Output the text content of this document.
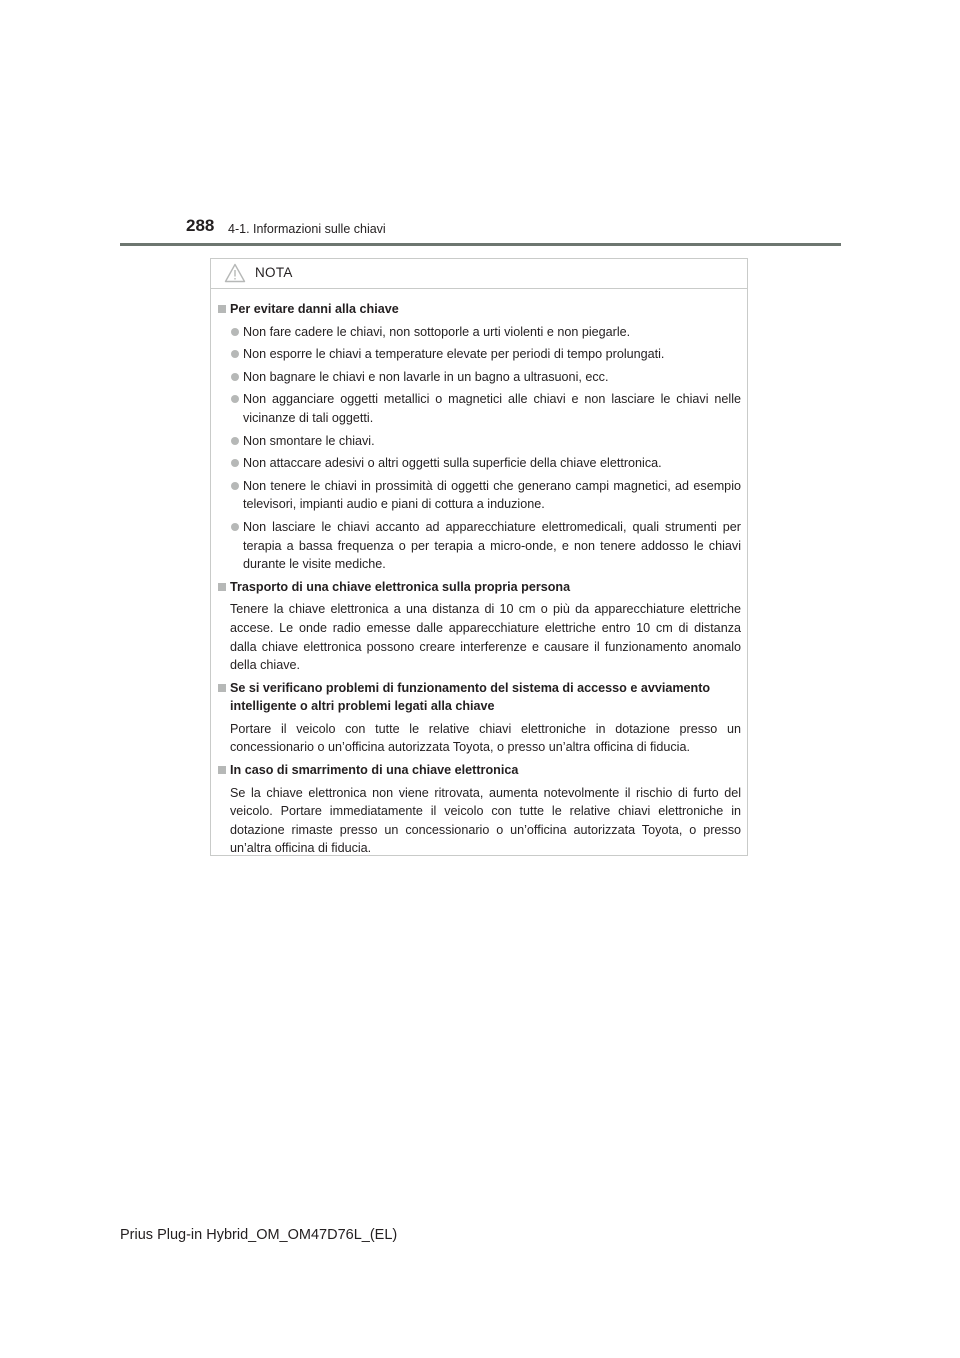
288 4-1. Informazioni sulle chiavi
NOTA
Per evitare danni alla chiave
Non fare cadere le chiavi, non sottoporle a urti violenti e non piegarle.
Non esporre le chiavi a temperature elevate per periodi di tempo prolungati.
Non bagnare le chiavi e non lavarle in un bagno a ultrasuoni, ecc.
Non agganciare oggetti metallici o magnetici alle chiavi e non lasciare le chiavi nelle vicinanze di tali oggetti.
Non smontare le chiavi.
Non attaccare adesivi o altri oggetti sulla superficie della chiave elettronica.
Non tenere le chiavi in prossimità di oggetti che generano campi magnetici, ad esempio televisori, impianti audio e piani di cottura a induzione.
Non lasciare le chiavi accanto ad apparecchiature elettromedicali, quali strumenti per terapia a bassa frequenza o per terapia a micro-onde, e non tenere addosso le chiavi durante le visite mediche.
Trasporto di una chiave elettronica sulla propria persona
Tenere la chiave elettronica a una distanza di 10 cm o più da apparecchiature elettriche accese. Le onde radio emesse dalle apparecchiature elettriche entro 10 cm di distanza dalla chiave elettronica possono creare interferenze e causare il funzionamento anomalo della chiave.
Se si verificano problemi di funzionamento del sistema di accesso e avviamento intelligente o altri problemi legati alla chiave
Portare il veicolo con tutte le relative chiavi elettroniche in dotazione presso un concessionario o un’officina autorizzata Toyota, o presso un’altra officina di fiducia.
In caso di smarrimento di una chiave elettronica
Se la chiave elettronica non viene ritrovata, aumenta notevolmente il rischio di furto del veicolo. Portare immediatamente il veicolo con tutte le relative chiavi elettroniche in dotazione rimaste presso un concessionario o un’officina autorizzata Toyota, o presso un’altra officina di fiducia.
Prius Plug-in Hybrid_OM_OM47D76L_(EL)
